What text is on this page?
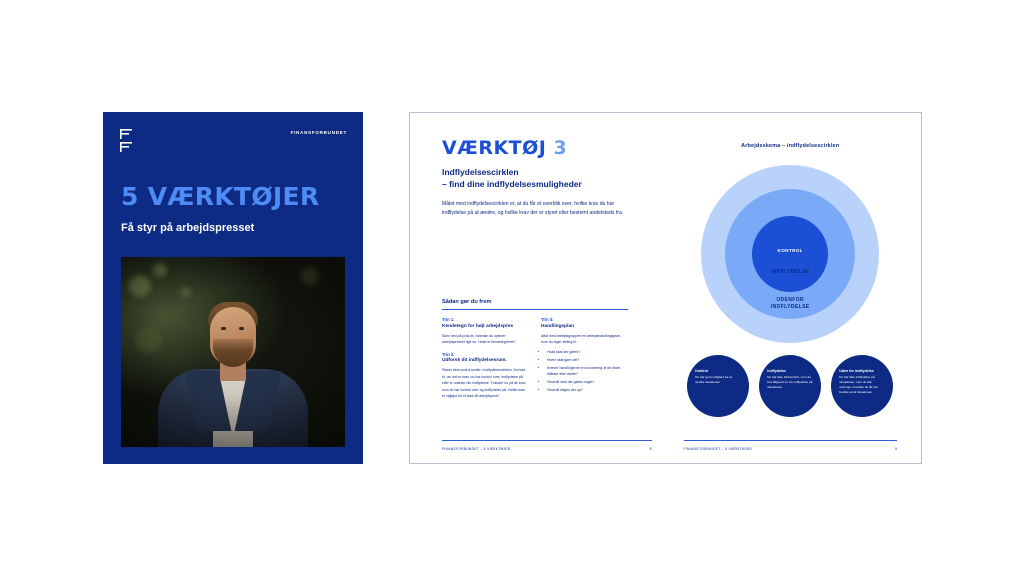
FINANSFORBUNDET
5 VÆRKTØJER
Få styr på arbejdspresset
VÆRKTØJ 3
Indflydelsescirklen
– find dine indflydelsesmuligheder
Målet med indflydelsescirklen er, at du får et overblik over, hvilke krav du har indflydelse på at ændre, og hvilke krav der er styret eller bestemt andetsteds fra.
Sådan gør du frem
Trin 1:
Kendetegn for højt arbejdspres
Skriv ned på post-its, hvordan du oplever arbejdspresset lige nu. Hvad er kendetegnene?
Trin 2:
Udforsk dit indflydelsesrum.
Placér dine post-it-sedler i indflydelsescirklen i forhold til, om det er krav, du har kontrol over, indflydelse på eller er udenfor din indflydelse. Fokusér nu på de krav, som du har kontrol over og indflydelse på. Hvilke krav er vigtigst for et løse dit arbejdspres?
Trin 3:
Handlingsplan
Aftal med arbejdsgruppen en arbejdshandlingsplan, hvor du tager stilling til:
• Hvad skal der gøres?
• Hvem skal gøre det?
• Kræver handlingerne en involvering af din leder, ditteam eller andre?
• Hvornår skal der gøres noget?
• Hvornår følges der op?
FINANSFORBUNDET – 5 VÆRKTØJER	8
Arbejdsskema – indflydelsescirklen
KONTROL
INDFLYDELSE
UDENFOR
INDFLYDELSE
Kontrol
Du har god mulighed for at ændre situationen
Indflydelse
Du har ikke fuld kontrol, men du har alligevel en vis indflydelse på situationen
Uden for indflydelse
Du har ikke indflydelse på situationen, men du kan overveje, hvordan du får det bedste ud af situationen
FINANSFORBUNDET – 5 VÆRKTØJER	9
